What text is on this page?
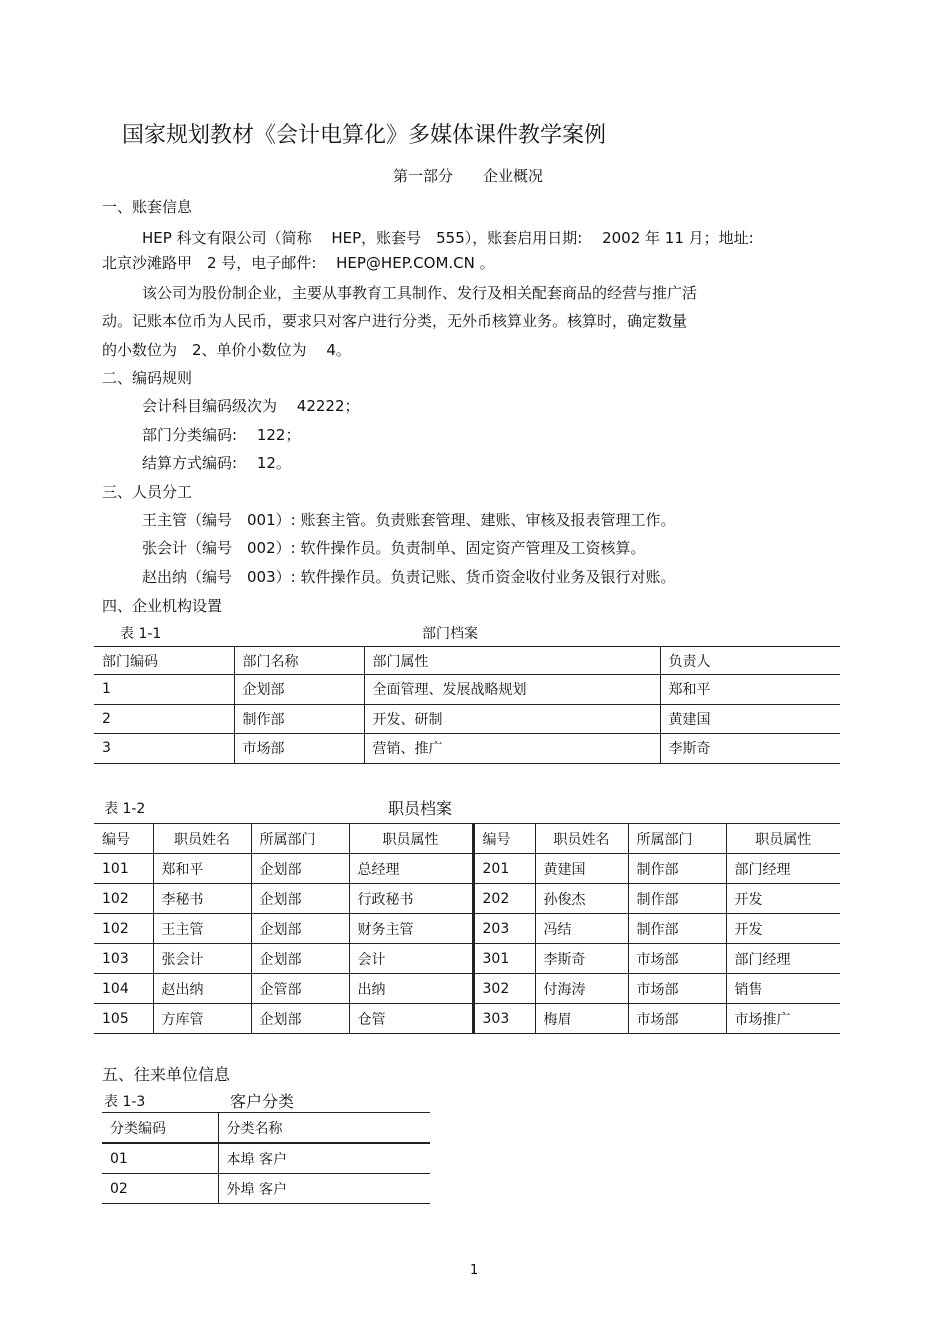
国家规划教材《会计电算化》多媒体课件教学案例
第一部分　　企业概况
一、账套信息
HEP 科文有限公司（简称　 HEP，账套号　555），账套启用日期:　 2002 年 11 月；地址:
北京沙滩路甲　2 号，电子邮件:　 HEP@HEP.COM.CN 。
该公司为股份制企业，主要从事教育工具制作、发行及相关配套商品的经营与推广活
动。记账本位币为人民币，要求只对客户进行分类，无外币核算业务。核算时，确定数量
的小数位为　2、单价小数位为　 4。
二、编码规则
会计科目编码级次为　 42222；
部门分类编码:　 122；
结算方式编码:　 12。
三、人员分工
王主管（编号　001）: 账套主管。负责账套管理、建账、审核及报表管理工作。
张会计（编号　002）: 软件操作员。负责制单、固定资产管理及工资核算。
赵出纳（编号　003）: 软件操作员。负责记账、货币资金收付业务及银行对账。
四、企业机构设置
表 1-1	部门档案
部门编码	部门名称	部门属性	负责人
1	企划部	全面管理、发展战略规划	郑和平
2	制作部	开发、研制	黄建国
3	市场部	营销、推广	李斯奇
表 1-2	职员档案
编号	职员姓名	所属部门	职员属性	编号	职员姓名	所属部门	职员属性
101	郑和平	企划部	总经理	201	黄建国	制作部	部门经理
102	李秘书	企划部	行政秘书	202	孙俊杰	制作部	开发
102	王主管	企划部	财务主管	203	冯结	制作部	开发
103	张会计	企划部	会计	301	李斯奇	市场部	部门经理
104	赵出纳	企管部	出纳	302	付海涛	市场部	销售
105	方库管	企划部	仓管	303	梅眉	市场部	市场推广
五、往来单位信息
表 1-3	客户分类
分类编码	分类名称
01	本埠 客户
02	外埠 客户
1
